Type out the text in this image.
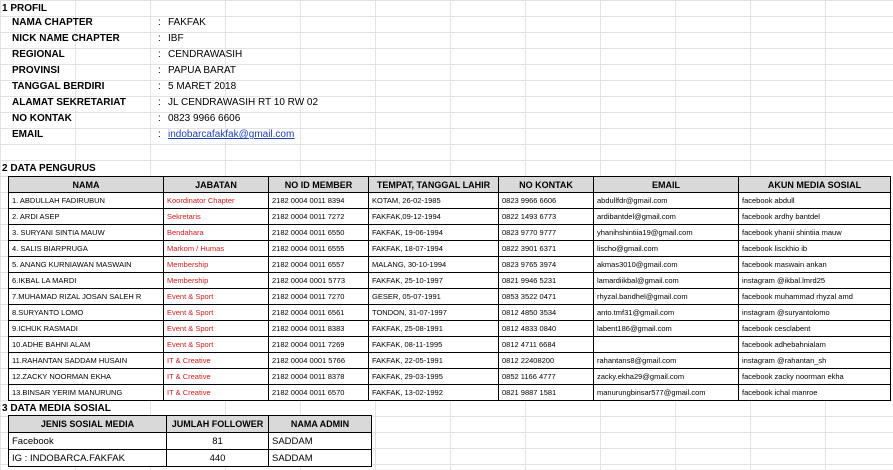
1 PROFIL
NAMA CHAPTER	: FAKFAK
NICK NAME CHAPTER	: IBF
REGIONAL	: CENDRAWASIH
PROVINSI	: PAPUA BARAT
TANGGAL BERDIRI	: 5 MARET 2018
ALAMAT SEKRETARIAT	: JL CENDRAWASIH RT 10 RW 02
NO KONTAK	: 0823 9966 6606
EMAIL	: indobarcafakfak@gmail.com
2 DATA PENGURUS
NAMA	JABATAN	NO ID MEMBER	TEMPAT, TANGGAL LAHIR	NO KONTAK	EMAIL	AKUN MEDIA SOSIAL
1. ABDULLAH FADIRUBUN	Koordinator Chapter	2182 0004 0011 8394	KOTAM, 26-02-1985	0823 9966 6606	abdullfdr@gmail.com	facebook abdull
2. ARDI ASEP	Sekretaris	2182 0004 0011 7272	FAKFAK,09-12-1994	0822 1493 6773	ardibantdel@gmail.com	facebook ardhy bantdel
3. SURYANI SINTIA MAUW	Bendahara	2182 0004 0011 6550	FAKFAK, 19-06-1994	0823 9770 9777	yhanihshintiia19@gmail.com	facebook yhanii shintiia mauw
4. SALIS BIARPRUGA	Markom / Humas	2182 0004 0011 6555	FAKFAK, 18-07-1994	0822 3901 6371	lischo@gmail.com	facebook lisckhio ib
5. ANANG KURNIAWAN MASWAIN	Membership	2182 0004 0011 6557	MALANG, 30-10-1994	0823 9765 3974	akmas3010@gmail.com	facebook maswain ankan
6.IKBAL LA MARDI	Membership	2182 0004 0001 5773	FAKFAK, 25-10-1997	0821 9946 5231	lamardiikbal@gmail.com	instagram @ikbal.lmrd25
7.MUHAMAD RIZAL JOSAN SALEH R	Event & Sport	2182 0004 0011 7270	GESER, 05-07-1991	0853 3522 0471	rhyzal.bandhel@gmail.com	facebook muhammad rhyzal amd
8.SURYANTO LOMO	Event & Sport	2182 0004 0011 6561	TONDON, 31-07-1997	0812 4850 3534	anto.tmf31@gmail.com	instagram @suryantolomo
9.ICHUK RASMADI	Event & Sport	2182 0004 0011 8383	FAKFAK, 25-08-1991	0812 4833 0840	labent186@gmail.com	facebook cesclabent
10.ADHE BAHNI ALAM	Event & Sport	2182 0004 0011 7269	FAKFAK, 08-11-1995	0812 4711 6684		facebook adhebahnialam
11.RAHANTAN SADDAM HUSAIN	IT & Creative	2182 0004 0001 5766	FAKFAK, 22-05-1991	0812 22408200	rahantans8@gmail.com	instagram @rahantan_sh
12.ZACKY NOORMAN EKHA	IT & Creative	2182 0004 0011 8378	FAKFAK, 29-03-1995	0852 1166 4777	zacky.ekha29@gmail.com	facebook zacky noorman ekha
13.BINSAR YERIM MANURUNG	IT & Creative	2182 0004 0011 6570	FAKFAK, 13-02-1992	0821 9887 1581	manurungbinsar577@gmail.com	facebook ichal manroe
3 DATA MEDIA SOSIAL
JENIS SOSIAL MEDIA	JUMLAH FOLLOWER	NAMA ADMIN
Facebook	81	SADDAM
IG : INDOBARCA.FAKFAK	440	SADDAM
